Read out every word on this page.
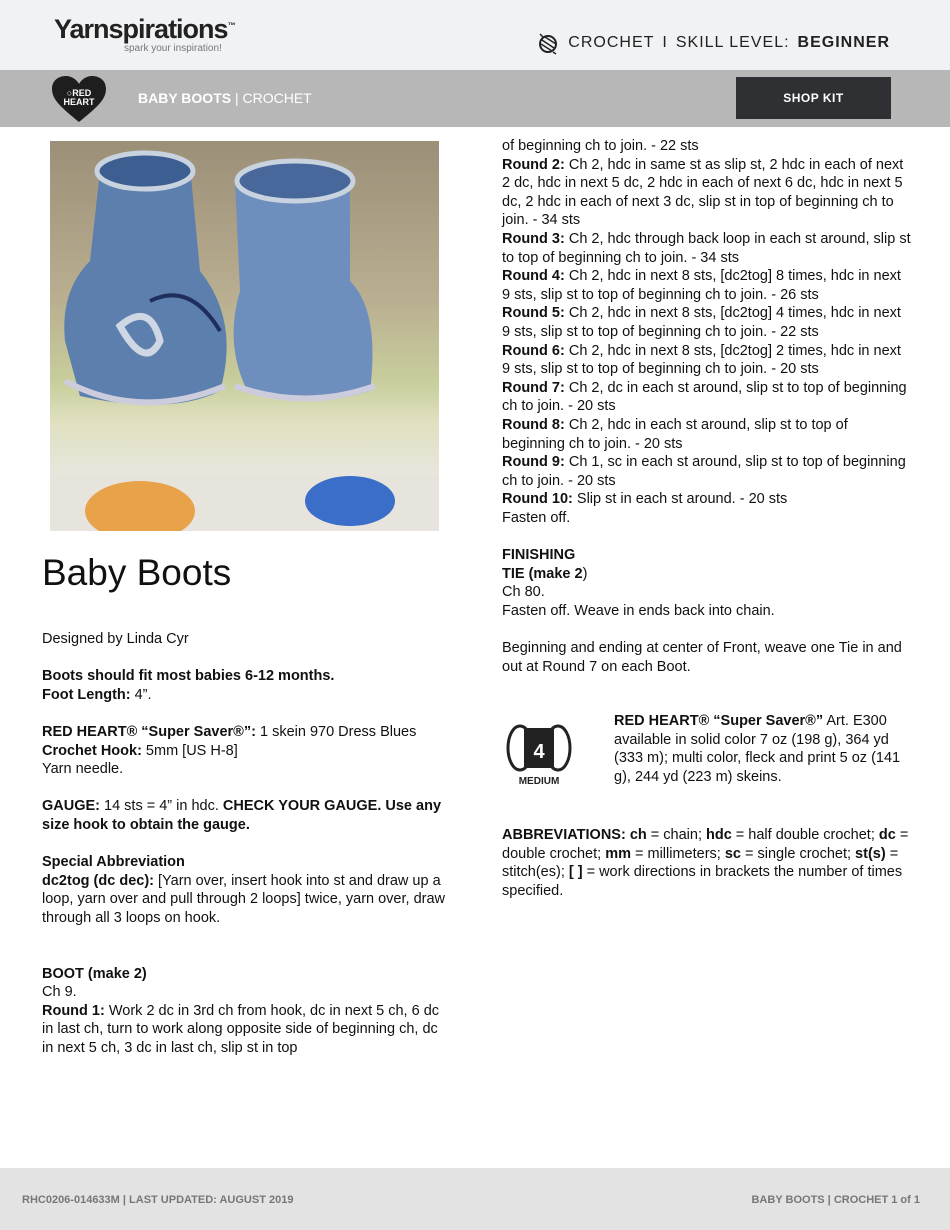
Yarnspirations™
spark your inspiration!	CROCHET I SKILL LEVEL: BEGINNER
○RED
HEART	BABY BOOTS | CROCHET	SHOP KIT
Baby Boots

Designed by Linda Cyr

Boots should fit most babies 6-12 months.
Foot Length: 4”.

RED HEART® “Super Saver®”: 1 skein 970 Dress Blues
Crochet Hook: 5mm [US H-8]
Yarn needle.

GAUGE: 14 sts = 4” in hdc. CHECK YOUR GAUGE. Use any size hook to obtain the gauge.

Special Abbreviation
dc2tog (dc dec): [Yarn over, insert hook into st and draw up a loop, yarn over and pull through 2 loops] twice, yarn over, draw through all 3 loops on hook.

BOOT (make 2)
Ch 9.
Round 1: Work 2 dc in 3rd ch from hook, dc in next 5 ch, 6 dc in last ch, turn to work along opposite side of beginning ch, dc in next 5 ch, 3 dc in last ch, slip st in top
of beginning ch to join. - 22 sts
Round 2: Ch 2, hdc in same st as slip st, 2 hdc in each of next 2 dc, hdc in next 5 dc, 2 hdc in each of next 6 dc, hdc in next 5 dc, 2 hdc in each of next 3 dc, slip st in top of beginning ch to join. - 34 sts
Round 3: Ch 2, hdc through back loop in each st around, slip st to top of beginning ch to join. - 34 sts
Round 4: Ch 2, hdc in next 8 sts, [dc2tog] 8 times, hdc in next 9 sts, slip st to top of beginning ch to join. - 26 sts
Round 5: Ch 2, hdc in next 8 sts, [dc2tog] 4 times, hdc in next 9 sts, slip st to top of beginning ch to join. - 22 sts
Round 6: Ch 2, hdc in next 8 sts, [dc2tog] 2 times, hdc in next 9 sts, slip st to top of beginning ch to join. - 20 sts
Round 7: Ch 2, dc in each st around, slip st to top of beginning ch to join. - 20 sts
Round 8: Ch 2, hdc in each st around, slip st to top of beginning ch to join. - 20 sts
Round 9: Ch 1, sc in each st around, slip st to top of beginning ch to join. - 20 sts
Round 10: Slip st in each st around. - 20 sts

Fasten off.

FINISHING
TIE (make 2)
Ch 80.
Fasten off. Weave in ends back into chain.

Beginning and ending at center of Front, weave one Tie in and out at Round 7 on each Boot.

4
MEDIUM
RED HEART® “Super Saver®” Art. E300 available in solid color 7 oz (198 g), 364 yd (333 m); multi color, fleck and print 5 oz (141 g), 244 yd (223 m) skeins.
ABBREVIATIONS: ch = chain; hdc = half double crochet; dc = double crochet; mm = millimeters; sc = single crochet; st(s) = stitch(es); [ ] = work directions in brackets the number of times specified.
RHC0206-014633M | LAST UPDATED: AUGUST 2019	BABY BOOTS | CROCHET 1 of 1
